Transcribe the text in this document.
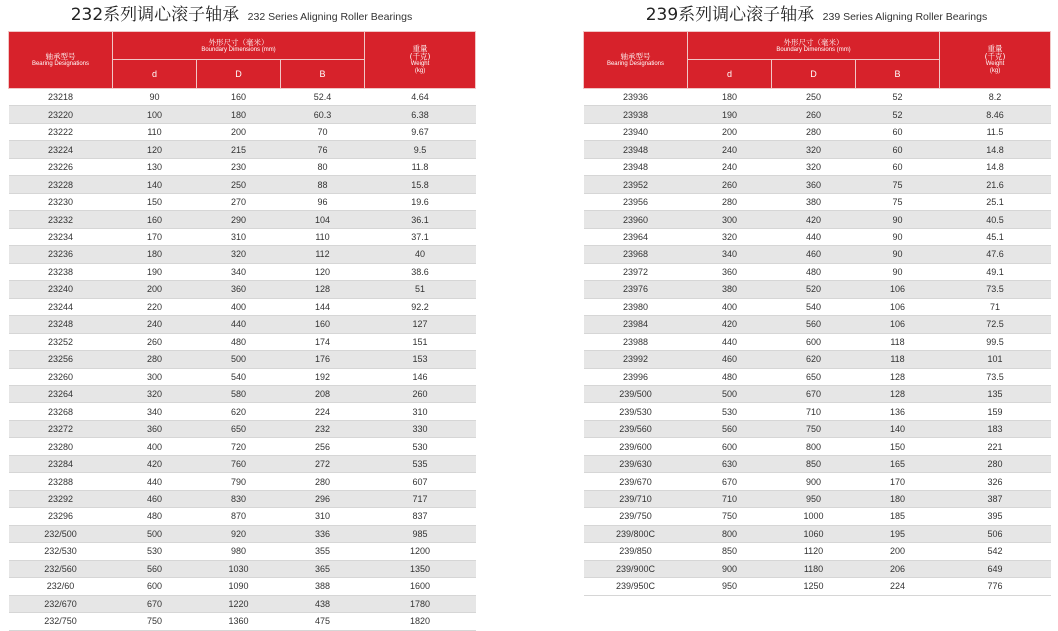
232系列调心滚子轴承 232 Series Aligning Roller Bearings
轴承型号
Bearing Designations	外形尺寸（毫米）
Boundary Dimensions (mm)			重量
(千克)
Weight
(kg)

	d	D	B	
23218	90	160	52.4	4.64
23220	100	180	60.3	6.38
23222	110	200	70	9.67
23224	120	215	76	9.5
23226	130	230	80	11.8
23228	140	250	88	15.8
23230	150	270	96	19.6
23232	160	290	104	36.1
23234	170	310	110	37.1
23236	180	320	112	40
23238	190	340	120	38.6
23240	200	360	128	51
23244	220	400	144	92.2
23248	240	440	160	127
23252	260	480	174	151
23256	280	500	176	153
23260	300	540	192	146
23264	320	580	208	260
23268	340	620	224	310
23272	360	650	232	330
23280	400	720	256	530
23284	420	760	272	535
23288	440	790	280	607
23292	460	830	296	717
23296	480	870	310	837
232/500	500	920	336	985
232/530	530	980	355	1200
232/560	560	1030	365	1350
232/60	600	1090	388	1600
232/670	670	1220	438	1780
232/750	750	1360	475	1820
239系列调心滚子轴承 239 Series Aligning Roller Bearings
轴承型号
Bearing Designations	外形尺寸（毫米）
Boundary Dimensions (mm)			重量
(千克)
Weight
(kg)

	d	D	B	
23936	180	250	52	8.2
23938	190	260	52	8.46
23940	200	280	60	11.5
23948	240	320	60	14.8
23948	240	320	60	14.8
23952	260	360	75	21.6
23956	280	380	75	25.1
23960	300	420	90	40.5
23964	320	440	90	45.1
23968	340	460	90	47.6
23972	360	480	90	49.1
23976	380	520	106	73.5
23980	400	540	106	71
23984	420	560	106	72.5
23988	440	600	118	99.5
23992	460	620	118	101
23996	480	650	128	73.5
239/500	500	670	128	135
239/530	530	710	136	159
239/560	560	750	140	183
239/600	600	800	150	221
239/630	630	850	165	280
239/670	670	900	170	326
239/710	710	950	180	387
239/750	750	1000	185	395
239/800C	800	1060	195	506
239/850	850	1120	200	542
239/900C	900	1180	206	649
239/950C	950	1250	224	776
